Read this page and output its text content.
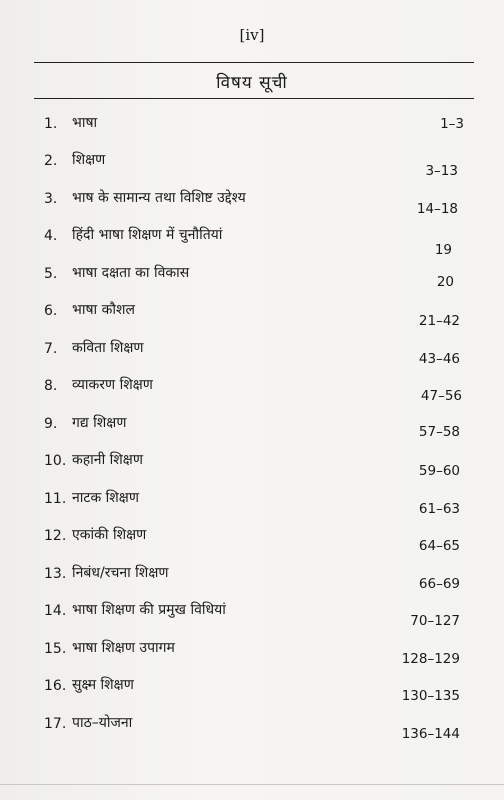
[iv]
विषय सूची
1. भाषा	1–3
2. शिक्षण
3–13
3. भाष के सामान्य तथा विशिष्ट उद्देश्य
14–18
4. हिंदी भाषा शिक्षण में चुनौतियां
19
5. भाषा दक्षता का विकास
20
6. भाषा कौशल
21–42
7. कविता शिक्षण
43–46
8. व्याकरण शिक्षण
47–56
9. गद्य शिक्षण
57–58
10. कहानी शिक्षण
59–60
11. नाटक शिक्षण
61–63
12. एकांकी शिक्षण
64–65
13. निबंध/रचना शिक्षण
66–69
14. भाषा शिक्षण की प्रमुख विधियां
70–127
15. भाषा शिक्षण उपागम
128–129
16. सुक्ष्म शिक्षण
130–135
17. पाठ–योजना
136–144
